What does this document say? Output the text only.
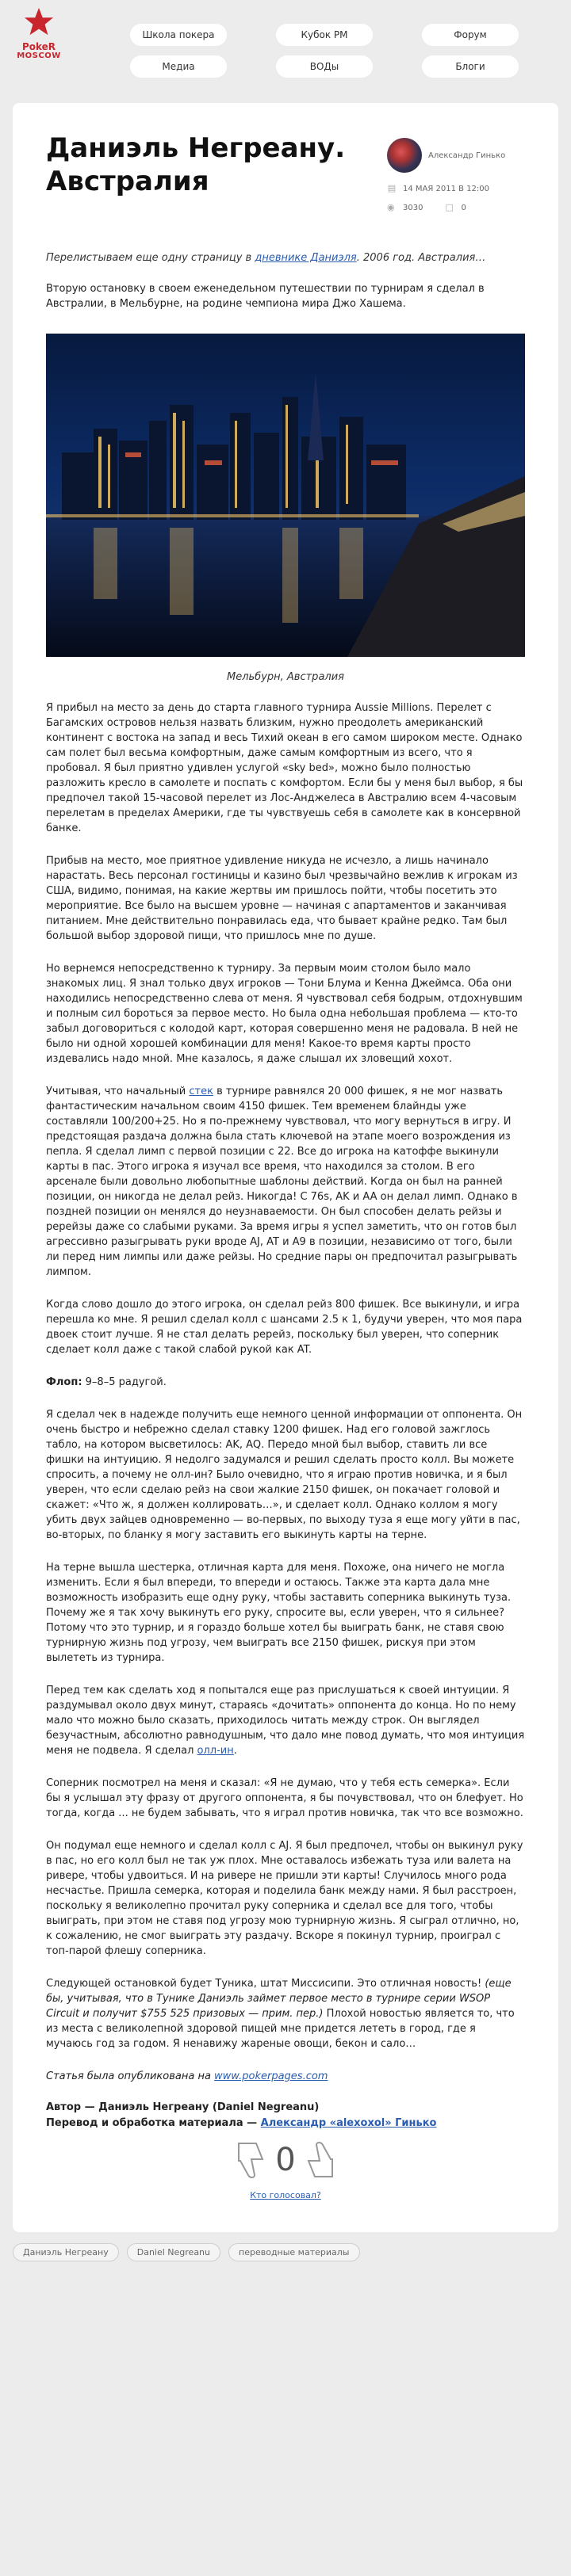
PokeR
MOSCOW
Школа покера	Кубок РМ	Форум
Медиа	ВОДы	Блоги
Даниэль Негреану. Австралия
Александр Гинько
▤ 14 МАЯ 2011 В 12:00
◉ 3030	□ 0

Перелистываем еще одну страницу в дневнике Даниэля. 2006 год. Австралия…

Вторую остановку в своем еженедельном путешествии по турнирам я сделал в Австралии, в Мельбурне, на родине чемпиона мира Джо Хашема.

Мельбурн, Австралия

Я прибыл на место за день до старта главного турнира Aussie Millions. Перелет с Багамских островов нельзя назвать близким, нужно преодолеть американский континент с востока на запад и весь Тихий океан в его самом широком месте. Однако сам полет был весьма комфортным, даже самым комфортным из всего, что я пробовал. Я был приятно удивлен услугой «sky bed», можно было полностью разложить кресло в самолете и поспать с комфортом. Если бы у меня был выбор, я бы предпочел такой 15-часовой перелет из Лос-Анджелеса в Австралию всем 4-часовым перелетам в пределах Америки, где ты чувствуешь себя в самолете как в консервной банке.

Прибыв на место, мое приятное удивление никуда не исчезло, а лишь начинало нарастать. Весь персонал гостиницы и казино был чрезвычайно вежлив к игрокам из США, видимо, понимая, на какие жертвы им пришлось пойти, чтобы посетить это мероприятие. Все было на высшем уровне — начиная с апартаментов и заканчивая питанием. Мне действительно понравилась еда, что бывает крайне редко. Там был большой выбор здоровой пищи, что пришлось мне по душе.

Но вернемся непосредственно к турниру. За первым моим столом было мало знакомых лиц. Я знал только двух игроков — Тони Блума и Кенна Джеймса. Оба они находились непосредственно слева от меня. Я чувствовал себя бодрым, отдохнувшим и полным сил бороться за первое место. Но была одна небольшая проблема — кто-то забыл договориться с колодой карт, которая совершенно меня не радовала. В ней не было ни одной хорошей комбинации для меня! Какое-то время карты просто издевались надо мной. Мне казалось, я даже слышал их зловещий хохот.

Учитывая, что начальный стек в турнире равнялся 20 000 фишек, я не мог назвать фантастическим начальном своим 4150 фишек. Тем временем блайнды уже составляли 100/200+25. Но я по-прежнему чувствовал, что могу вернуться в игру. И предстоящая раздача должна была стать ключевой на этапе моего возрождения из пепла. Я сделал лимп с первой позиции с 22. Все до игрока на катоффе выкинули карты в пас. Этого игрока я изучал все время, что находился за столом. В его арсенале были довольно любопытные шаблоны действий. Когда он был на ранней позиции, он никогда не делал рейз. Никогда! С 76s, AK и AA он делал лимп. Однако в поздней позиции он менялся до неузнаваемости. Он был способен делать рейзы и ререйзы даже со слабыми руками. За время игры я успел заметить, что он готов был агрессивно разыгрывать руки вроде AJ, AT и A9 в позиции, независимо от того, были ли перед ним лимпы или даже рейзы. Но средние пары он предпочитал разыгрывать лимпом.

Когда слово дошло до этого игрока, он сделал рейз 800 фишек. Все выкинули, и игра перешла ко мне. Я решил сделал колл с шансами 2.5 к 1, будучи уверен, что моя пара двоек стоит лучше. Я не стал делать ререйз, поскольку был уверен, что соперник сделает колл даже с такой слабой рукой как AT.

Флоп: 9–8–5 радугой.

Я сделал чек в надежде получить еще немного ценной информации от оппонента. Он очень быстро и небрежно сделал ставку 1200 фишек. Над его головой зажглось табло, на котором высветилось: AK, AQ. Передо мной был выбор, ставить ли все фишки на интуицию. Я недолго задумался и решил сделать просто колл. Вы можете спросить, а почему не олл-ин? Было очевидно, что я играю против новичка, и я был уверен, что если сделаю рейз на свои жалкие 2150 фишек, он покачает головой и скажет: «Что ж, я должен коллировать…», и сделает колл. Однако коллом я могу убить двух зайцев одновременно — во-первых, по выходу туза я еще могу уйти в пас, во-вторых, по бланку я могу заставить его выкинуть карты на терне.

На терне вышла шестерка, отличная карта для меня. Похоже, она ничего не могла изменить. Если я был впереди, то впереди и остаюсь. Также эта карта дала мне возможность изобразить еще одну руку, чтобы заставить соперника выкинуть туза. Почему же я так хочу выкинуть его руку, спросите вы, если уверен, что я сильнее? Потому что это турнир, и я гораздо больше хотел бы выиграть банк, не ставя свою турнирную жизнь под угрозу, чем выиграть все 2150 фишек, рискуя при этом вылететь из турнира.

Перед тем как сделать ход я попытался еще раз прислушаться к своей интуиции. Я раздумывал около двух минут, стараясь «дочитать» оппонента до конца. Но по нему мало что можно было сказать, приходилось читать между строк. Он выглядел безучастным, абсолютно равнодушным, что дало мне повод думать, что моя интуиция меня не подвела. Я сделал олл-ин.

Соперник посмотрел на меня и сказал: «Я не думаю, что у тебя есть семерка». Если бы я услышал эту фразу от другого оппонента, я бы почувствовал, что он блефует. Но тогда, когда ... не будем забывать, что я играл против новичка, так что все возможно.

Он подумал еще немного и сделал колл с AJ. Я был предпочел, чтобы он выкинул руку в пас, но его колл был не так уж плох. Мне оставалось избежать туза или валета на ривере, чтобы удвоиться. И на ривере не пришли эти карты! Случилось много рода несчастье. Пришла семерка, которая и поделила банк между нами. Я был расстроен, поскольку я великолепно прочитал руку соперника и сделал все для того, чтобы выиграть, при этом не ставя под угрозу мою турнирную жизнь. Я сыграл отлично, но, к сожалению, не смог выиграть эту раздачу. Вскоре я покинул турнир, проиграл с топ-парой флешу соперника.

Следующей остановкой будет Туника, штат Миссисипи. Это отличная новость! (еще бы, учитывая, что в Тунике Даниэль займет первое место в турнире серии WSOP Circuit и получит $755 525 призовых — прим. пер.) Плохой новостью является то, что из места с великолепной здоровой пищей мне придется лететь в город, где я мучаюсь год за годом. Я ненавижу жареные овощи, бекон и сало…

Статья была опубликована на www.pokerpages.com

Автор — Даниэль Негреану (Daniel Negreanu)
Перевод и обработка материала — Александр «alexoxol» Гинько
0
Кто голосовал?
Даниэль Негреану	Daniel Negreanu	переводные материалы
